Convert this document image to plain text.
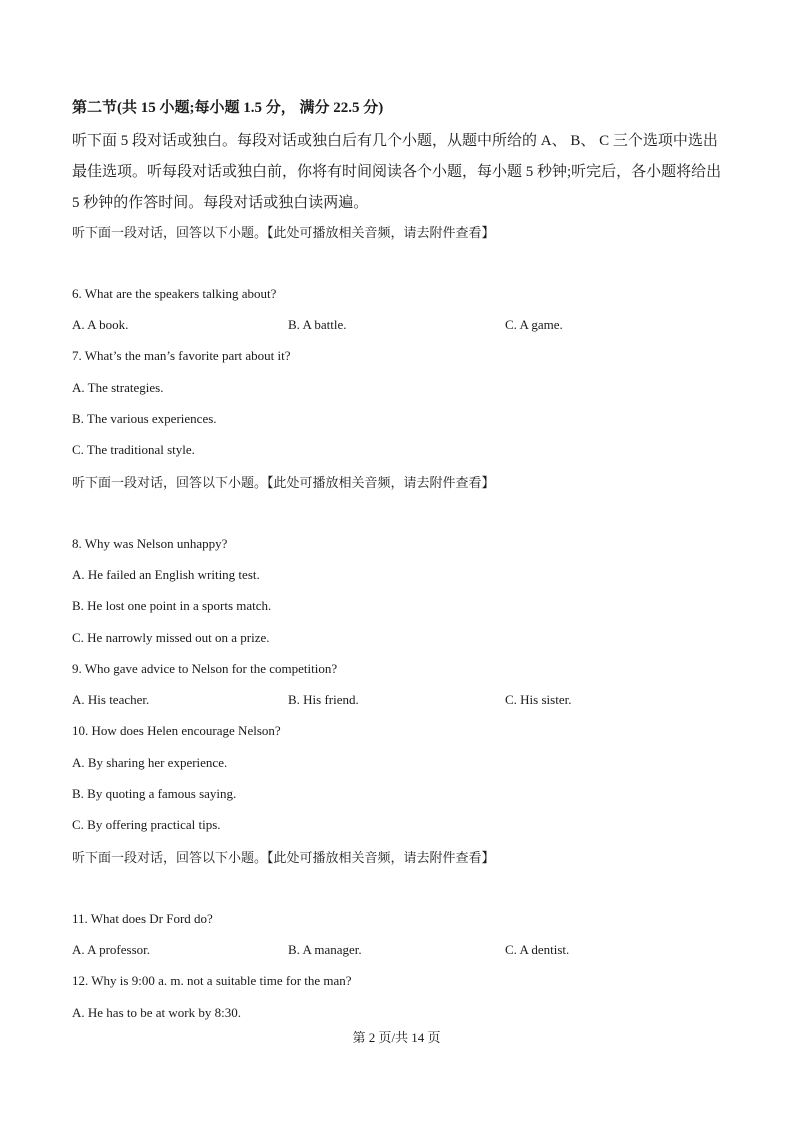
第二节(共 15 小题;每小题 1.5 分， 满分 22.5 分)
听下面 5 段对话或独白。每段对话或独白后有几个小题，从题中所给的 A、 B、 C 三个选项中选出最佳选项。听每段对话或独白前，你将有时间阅读各个小题，每小题 5 秒钟;听完后，各小题将给出 5 秒钟的作答时间。每段对话或独白读两遍。
听下面一段对话，回答以下小题。【此处可播放相关音频，请去附件查看】
6. What are the speakers talking about?
A. A book.	B. A battle.	C. A game.
7. What’s the man’s favorite part about it?
A. The strategies.
B. The various experiences.
C. The traditional style.
听下面一段对话，回答以下小题。【此处可播放相关音频，请去附件查看】
8. Why was Nelson unhappy?
A. He failed an English writing test.
B. He lost one point in a sports match.
C. He narrowly missed out on a prize.
9. Who gave advice to Nelson for the competition?
A. His teacher.	B. His friend.	C. His sister.
10. How does Helen encourage Nelson?
A. By sharing her experience.
B. By quoting a famous saying.
C. By offering practical tips.
听下面一段对话，回答以下小题。【此处可播放相关音频，请去附件查看】
11. What does Dr Ford do?
A. A professor.	B. A manager.	C. A dentist.
12. Why is 9:00 a. m. not a suitable time for the man?
A. He has to be at work by 8:30.
第 2 页/共 14 页
